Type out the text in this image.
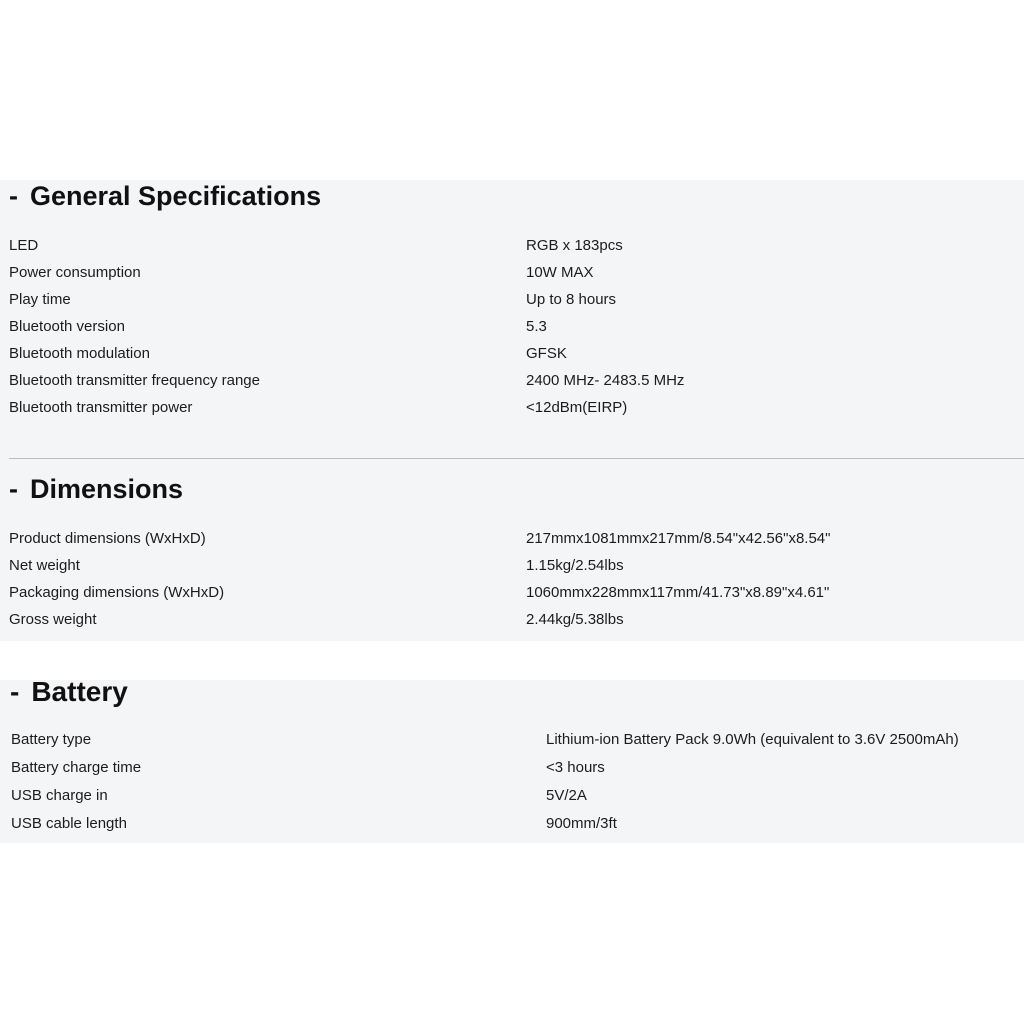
- General Specifications
LED	RGB x 183pcs
Power consumption	10W MAX
Play time	Up to 8 hours
Bluetooth version	5.3
Bluetooth modulation	GFSK
Bluetooth transmitter frequency range	2400 MHz- 2483.5 MHz
Bluetooth transmitter power	<12dBm(EIRP)
- Dimensions
Product dimensions (WxHxD)	217mmx1081mmx217mm/8.54"x42.56"x8.54"
Net weight	1.15kg/2.54lbs
Packaging dimensions (WxHxD)	1060mmx228mmx117mm/41.73"x8.89"x4.61"
Gross weight	2.44kg/5.38lbs
- Battery
Battery type	Lithium-ion Battery Pack 9.0Wh (equivalent to 3.6V 2500mAh)
Battery charge time	<3 hours
USB charge in	5V/2A
USB cable length	900mm/3ft
